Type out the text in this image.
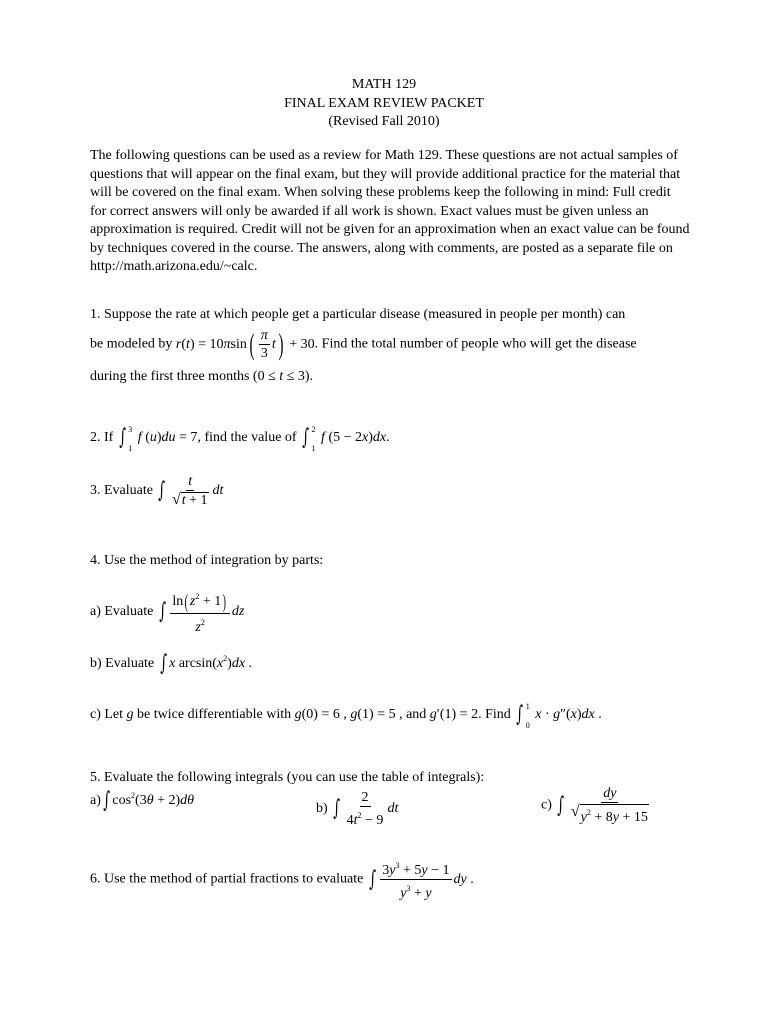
MATH 129
FINAL EXAM REVIEW PACKET
(Revised Fall 2010)
The following questions can be used as a review for Math 129. These questions are not actual samples of questions that will appear on the final exam, but they will provide additional practice for the material that will be covered on the final exam. When solving these problems keep the following in mind: Full credit for correct answers will only be awarded if all work is shown. Exact values must be given unless an approximation is required. Credit will not be given for an approximation when an exact value can be found by techniques covered in the course. The answers, along with comments, are posted as a separate file on http://math.arizona.edu/~calc.
1. Suppose the rate at which people get a particular disease (measured in people per month) can
be modeled by $r(t) = 10\pi\sin( \frac{\pi}{3} t) + 30$. Find the total number of people who will get the disease
during the first three months (0 ≤ t ≤ 3).
2. If ∫ 3
1
f (u)du = 7, find the value of ∫ 2
1
f (5 − 2x)dx.
3. Evaluate ∫ $\frac{t}{√ t + 1}$ dt
4. Use the method of integration by parts:
a) Evaluate ∫ $\frac{\ln( z^2 + 1)}{z^2}$ dz
b) Evaluate ∫ x $\arcsin(x^2)dx$ .
c) Let g be twice differentiable with g(0) = 6 , g(1) = 5 , and g′(1) = 2. Find ∫ 1
0
x · g″(x)dx .
5. Evaluate the following integrals (you can use the table of integrals):
a) ∫ $\cos^2(3\theta + 2)d\theta$
b) ∫ $\frac{2}{4t^2 - 9}$ dt	c) ∫ $\frac{dy}{√ y^2 + 8y + 15}$
6. Use the method of partial fractions to evaluate ∫ $\frac{3y^3 + 5y - 1}{y^3 + y}$ dy .
